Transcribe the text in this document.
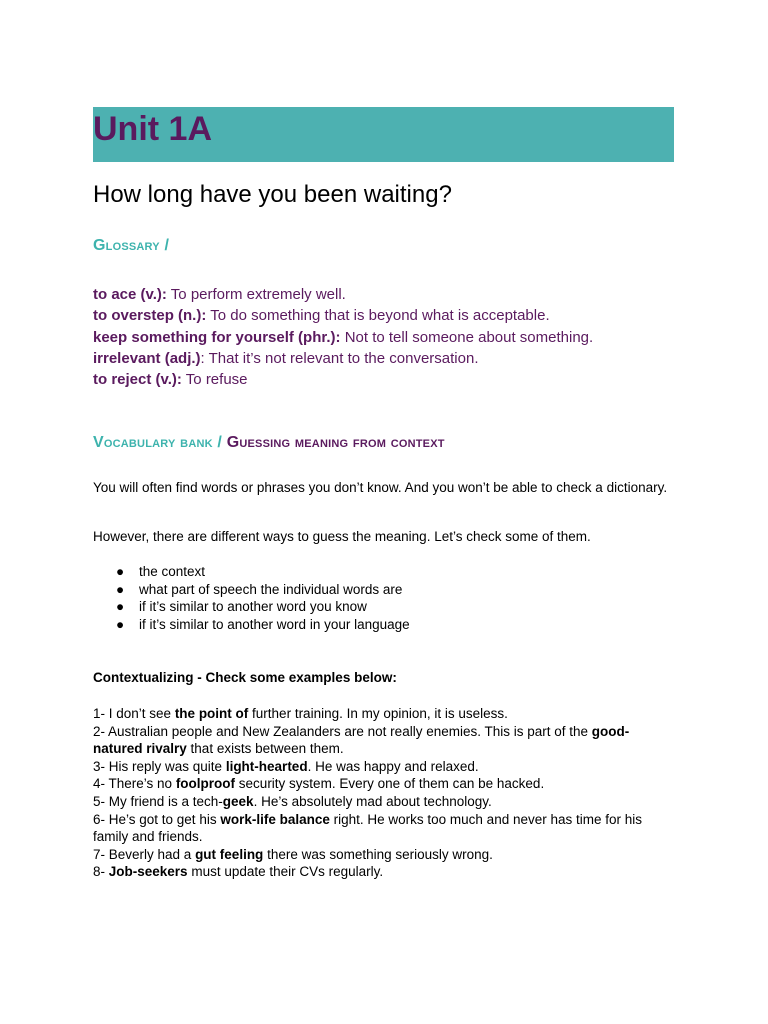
Unit 1A
How long have you been waiting?
Glossary /
to ace (v.): To perform extremely well.
to overstep (n.): To do something that is beyond what is acceptable.
keep something for yourself (phr.): Not to tell someone about something.
irrelevant (adj.): That it’s not relevant to the conversation.
to reject (v.): To refuse
Vocabulary bank / Guessing meaning from context

You will often find words or phrases you don’t know. And you won’t be able to check a dictionary.

However, there are different ways to guess the meaning. Let’s check some of them.

● the context
● what part of speech the individual words are
● if it’s similar to another word you know
● if it’s similar to another word in your language

Contextualizing - Check some examples below:

1- I don’t see the point of further training. In my opinion, it is useless.
2- Australian people and New Zealanders are not really enemies. This is part of the good-natured rivalry that exists between them.
3- His reply was quite light-hearted. He was happy and relaxed.
4- There’s no foolproof security system. Every one of them can be hacked.
5- My friend is a tech-geek. He’s absolutely mad about technology.
6- He’s got to get his work-life balance right. He works too much and never has time for his family and friends.
7- Beverly had a gut feeling there was something seriously wrong.
8- Job-seekers must update their CVs regularly.
